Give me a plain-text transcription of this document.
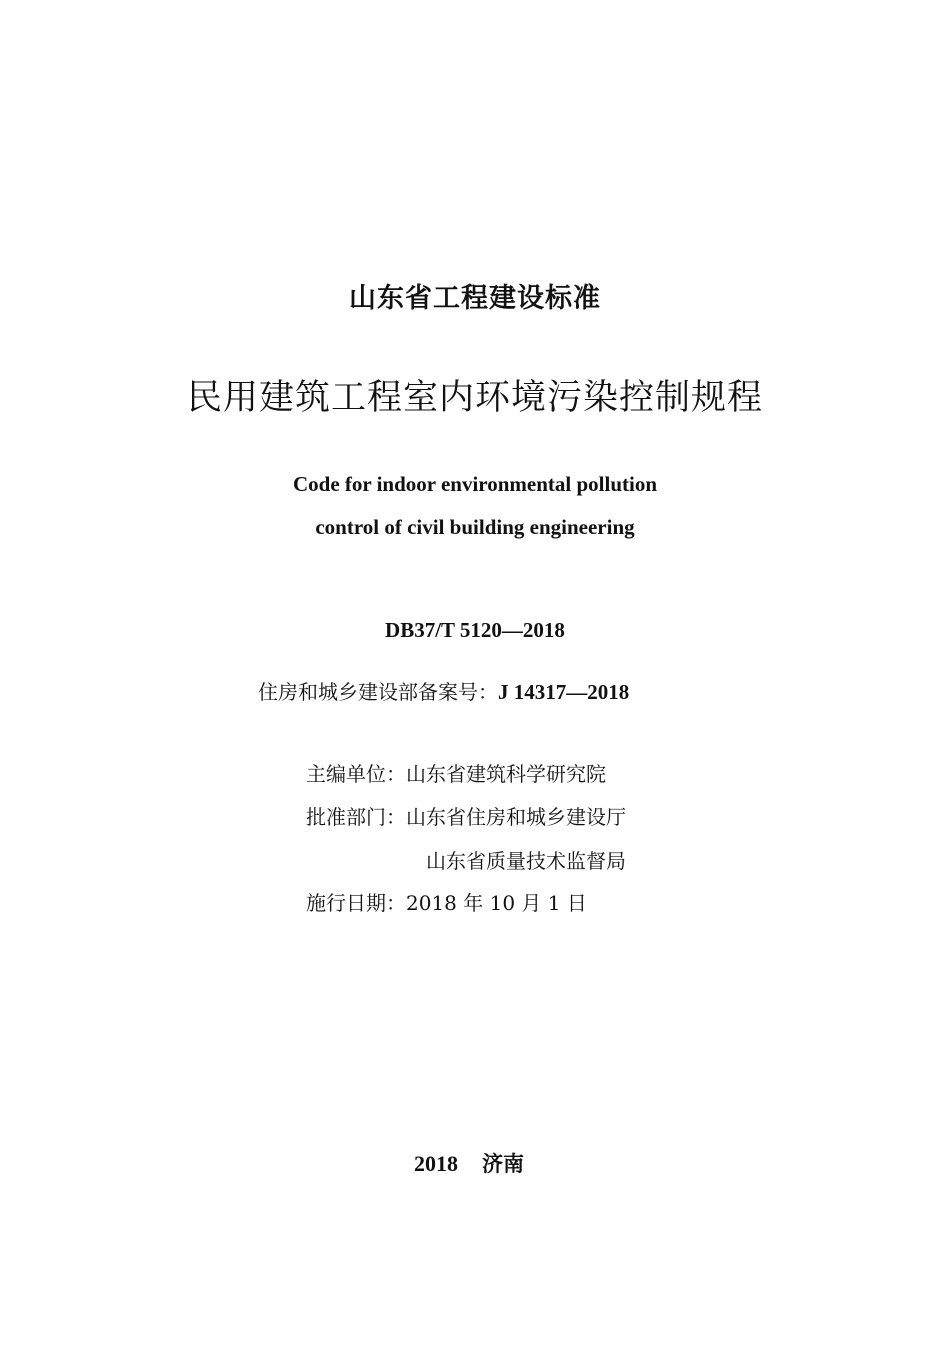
山东省工程建设标准
民用建筑工程室内环境污染控制规程
Code for indoor environmental pollution
control of civil building engineering
DB37/T 5120—2018
住房和城乡建设部备案号：J 14317—2018
主编单位：山东省建筑科学研究院
批准部门：山东省住房和城乡建设厅
山东省质量技术监督局
施行日期：2018 年 10 月 1 日
2018 济南
